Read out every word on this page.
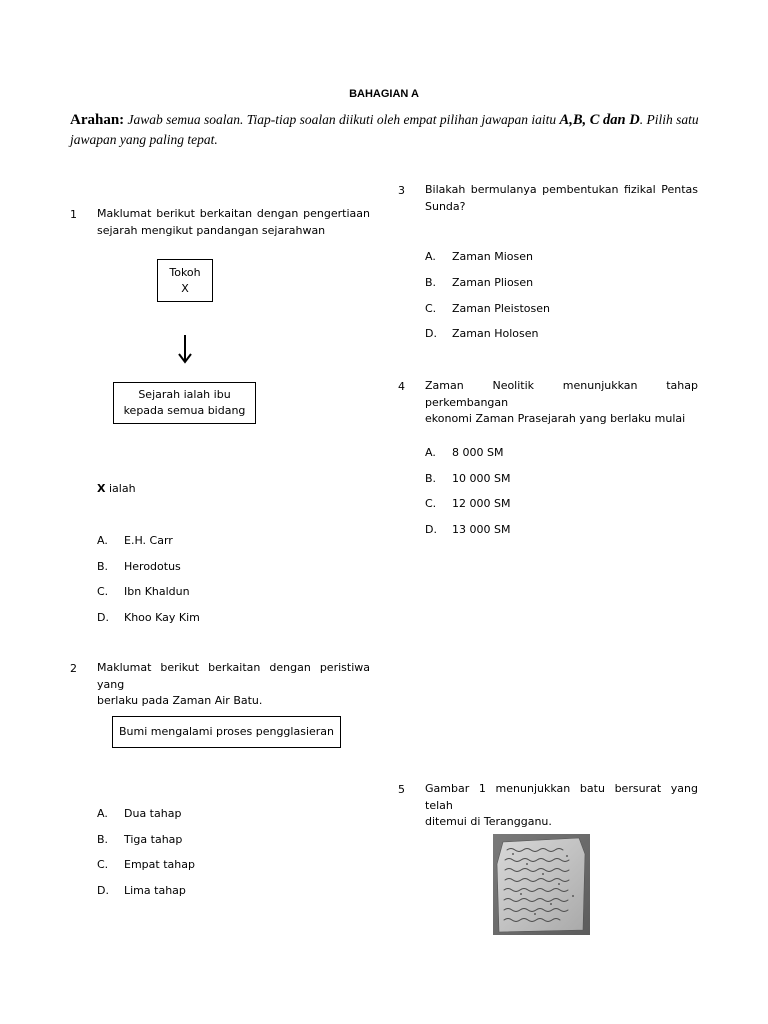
BAHAGIAN A
Arahan: Jawab semua soalan. Tiap-tiap soalan diikuti oleh empat pilihan jawapan iaitu A,B, C dan D. Pilih satu jawapan yang paling tepat.
1 Maklumat berikut berkaitan dengan pengertiaan
sejarah mengikut pandangan sejarahwan
Tokoh
X
Sejarah ialah ibu
kepada semua bidang
X ialah
A. E.H. Carr
B. Herodotus
C. Ibn Khaldun
D. Khoo Kay Kim
2 Maklumat berikut berkaitan dengan peristiwa yang
berlaku pada Zaman Air Batu.
Bumi mengalami proses pengglasieran
A. Dua tahap
B. Tiga tahap
C. Empat tahap
D. Lima tahap
3 Bilakah bermulanya pembentukan fizikal Pentas
Sunda?
A. Zaman Miosen
B. Zaman Pliosen
C. Zaman Pleistosen
D. Zaman Holosen
4 Zaman Neolitik menunjukkan tahap perkembangan
ekonomi Zaman Prasejarah yang berlaku mulai
A. 8 000 SM
B. 10 000 SM
C. 12 000 SM
D. 13 000 SM
5 Gambar 1 menunjukkan batu bersurat yang telah
ditemui di Terangganu.
